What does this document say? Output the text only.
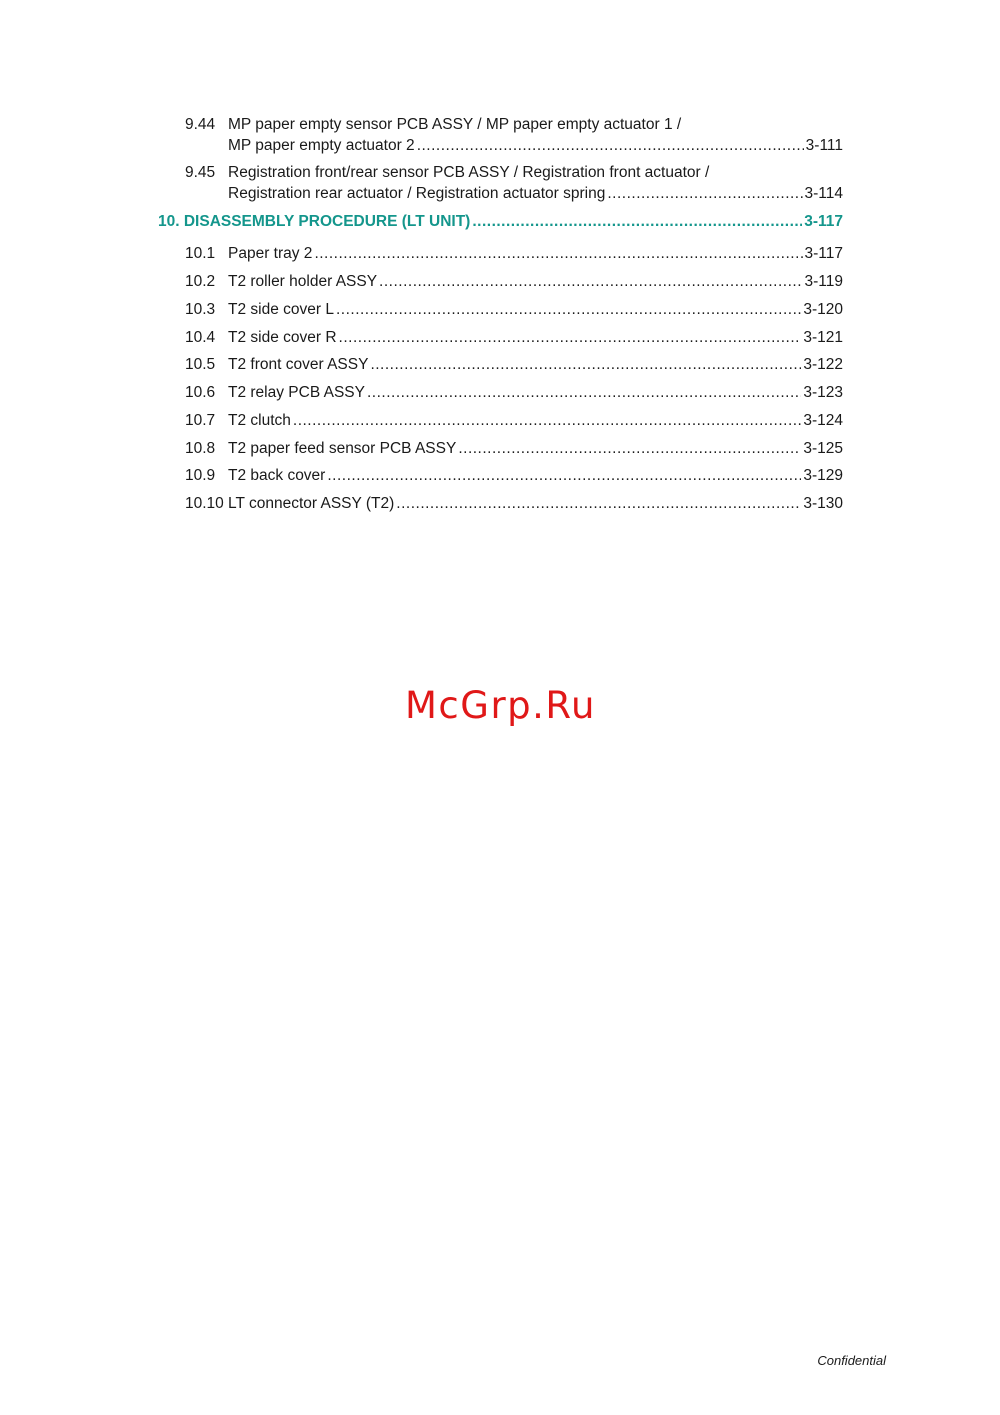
9.44 MP paper empty sensor PCB ASSY / MP paper empty actuator 1 /
MP paper empty actuator 2 .....	3-111
9.45 Registration front/rear sensor PCB ASSY / Registration front actuator /
Registration rear actuator / Registration actuator spring .....	3-114
10. DISASSEMBLY PROCEDURE (LT UNIT) .....	3-117
10.1 Paper tray 2 .....	3-117
10.2 T2 roller holder ASSY .....	3-119
10.3 T2 side cover L .....	3-120
10.4 T2 side cover R .....	3-121
10.5 T2 front cover ASSY .....	3-122
10.6 T2 relay PCB ASSY .....	3-123
10.7 T2 clutch .....	3-124
10.8 T2 paper feed sensor PCB ASSY .....	3-125
10.9 T2 back cover .....	3-129
10.10 LT connector ASSY (T2) .....	3-130
McGrp.Ru
Confidential
